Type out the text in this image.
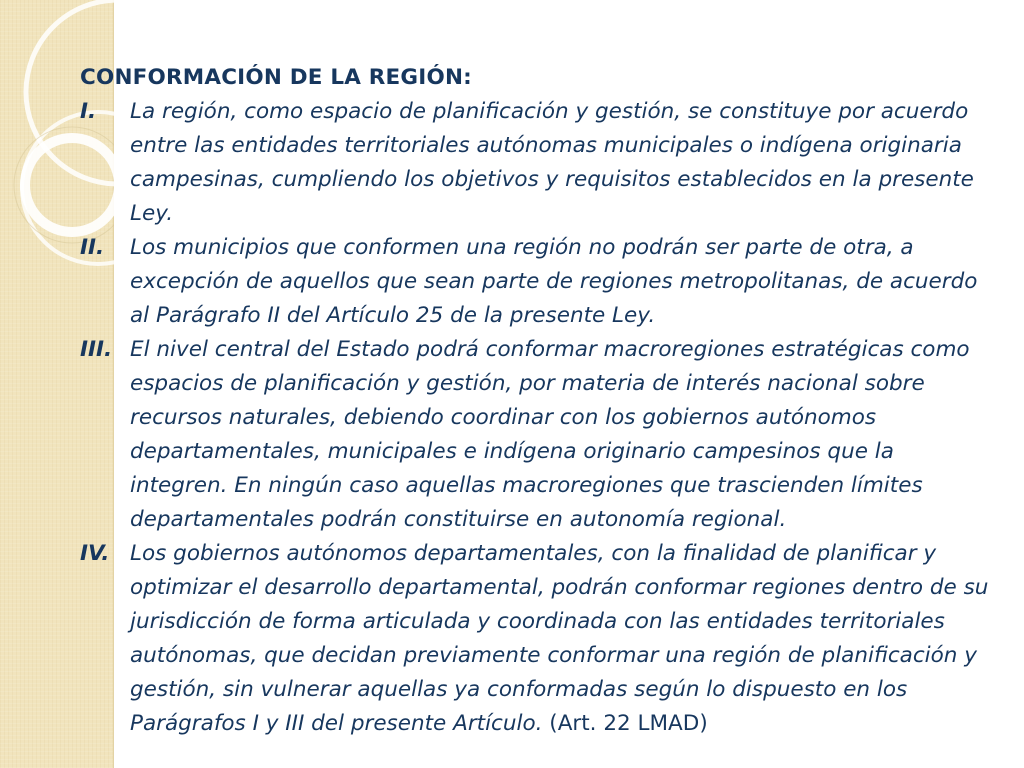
CONFORMACIÓN DE LA REGIÓN:
I.	La región, como espacio de planificación y gestión, se constituye por acuerdo entre las entidades territoriales autónomas municipales o indígena originaria campesinas, cumpliendo los objetivos y requisitos establecidos en la presente Ley.
II.	Los municipios que conformen una región no podrán ser parte de otra, a excepción de aquellos que sean parte de regiones metropolitanas, de acuerdo al Parágrafo II del Artículo 25 de la presente Ley.
III. El nivel central del Estado podrá conformar macroregiones estratégicas como espacios de planificación y gestión, por materia de interés nacional sobre recursos naturales, debiendo coordinar con los gobiernos autónomos departamentales, municipales e indígena originario campesinos que la integren. En ningún caso aquellas macroregiones que trascienden límites departamentales podrán constituirse en autonomía regional.
IV. Los gobiernos autónomos departamentales, con la finalidad de planificar y optimizar el desarrollo departamental, podrán conformar regiones dentro de su jurisdicción de forma articulada y coordinada con las entidades territoriales autónomas, que decidan previamente conformar una región de planificación y gestión, sin vulnerar aquellas ya conformadas según lo dispuesto en los Parágrafos I y III del presente Artículo. (Art. 22 LMAD)
